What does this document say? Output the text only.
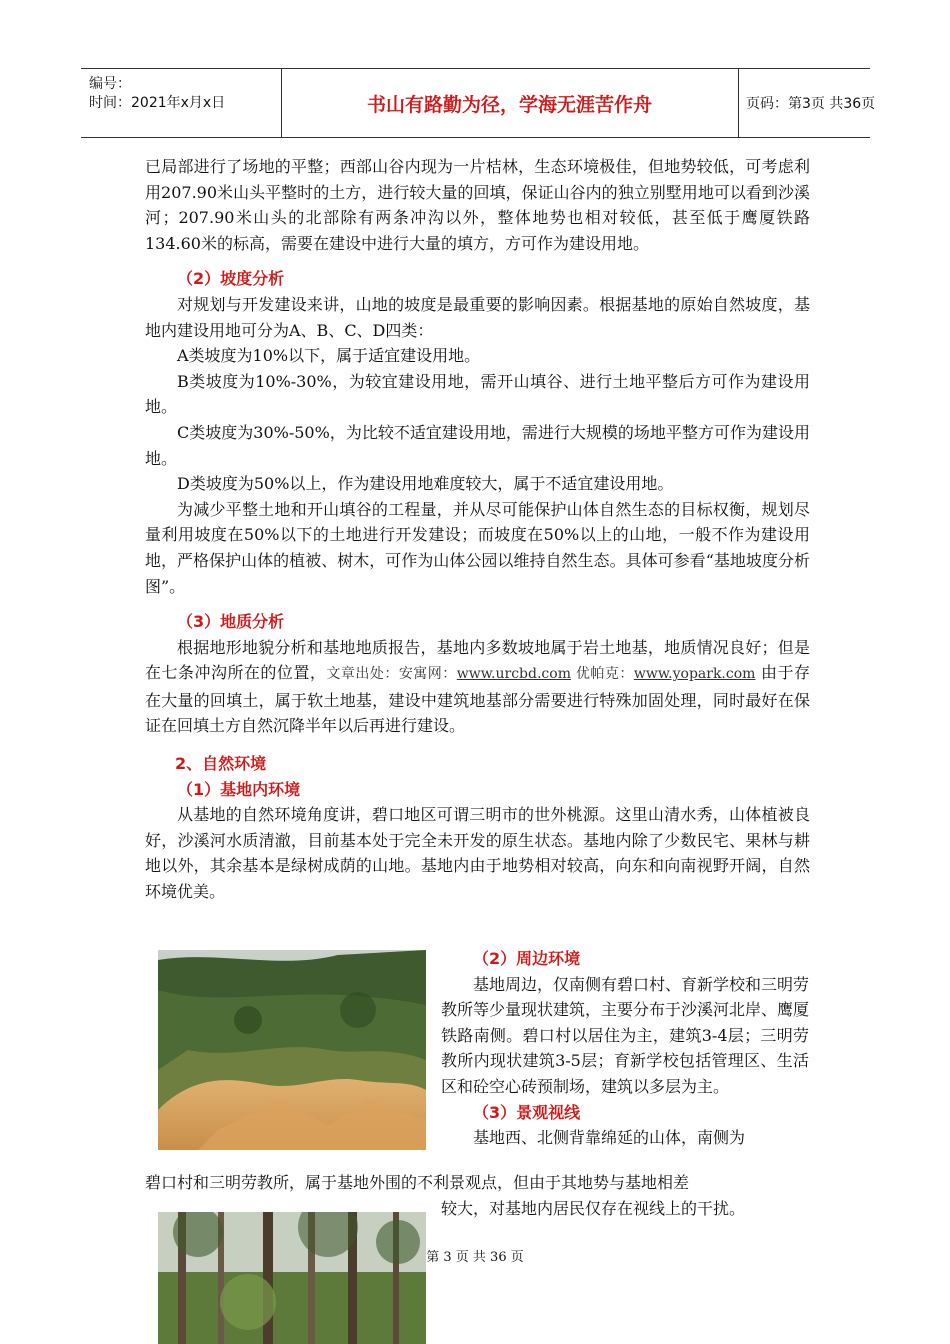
编号：
时间：2021年x月x日	书山有路勤为径，学海无涯苦作舟	页码：第3页 共36页

已局部进行了场地的平整；西部山谷内现为一片桔林，生态环境极佳，但地势较低，可考虑利用207.90米山头平整时的土方，进行较大量的回填，保证山谷内的独立别墅用地可以看到沙溪河；207.90米山头的北部除有两条冲沟以外，整体地势也相对较低，甚至低于鹰厦铁路134.60米的标高，需要在建设中进行大量的填方，方可作为建设用地。

（2）坡度分析

对规划与开发建设来讲，山地的坡度是最重要的影响因素。根据基地的原始自然坡度，基地内建设用地可分为A、B、C、D四类：

A类坡度为10%以下，属于适宜建设用地。

B类坡度为10%-30%，为较宜建设用地，需开山填谷、进行土地平整后方可作为建设用地。

C类坡度为30%-50%，为比较不适宜建设用地，需进行大规模的场地平整方可作为建设用地。

D类坡度为50%以上，作为建设用地难度较大，属于不适宜建设用地。

为减少平整土地和开山填谷的工程量，并从尽可能保护山体自然生态的目标权衡，规划尽量利用坡度在50%以下的土地进行开发建设；而坡度在50%以上的山地，一般不作为建设用地，严格保护山体的植被、树木，可作为山体公园以维持自然生态。具体可参看“基地坡度分析图”。

（3）地质分析

根据地形地貌分析和基地地质报告，基地内多数坡地属于岩土地基，地质情况良好；但是在七条冲沟所在的位置，文章出处：安寓网：www.urcbd.com 优帕克：www.yopark.com 由于存在大量的回填土，属于软土地基，建设中建筑地基部分需要进行特殊加固处理，同时最好在保证在回填土方自然沉降半年以后再进行建设。

2、自然环境

（1）基地内环境

从基地的自然环境角度讲，碧口地区可谓三明市的世外桃源。这里山清水秀，山体植被良好，沙溪河水质清澈，目前基本处于完全未开发的原生状态。基地内除了少数民宅、果林与耕地以外，其余基本是绿树成荫的山地。基地内由于地势相对较高，向东和向南视野开阔，自然环境优美。

（2）周边环境

基地周边，仅南侧有碧口村、育新学校和三明劳教所等少量现状建筑，主要分布于沙溪河北岸、鹰厦铁路南侧。碧口村以居住为主，建筑3-4层；三明劳教所内现状建筑3-5层；育新学校包括管理区、生活区和砼空心砖预制场，建筑以多层为主。

（3）景观视线

基地西、北侧背靠绵延的山体，南侧为

碧口村和三明劳教所，属于基地外围的不利景观点，但由于其地势与基地相差

较大，对基地内居民仅存在视线上的干扰。

第 3 页 共 36 页
